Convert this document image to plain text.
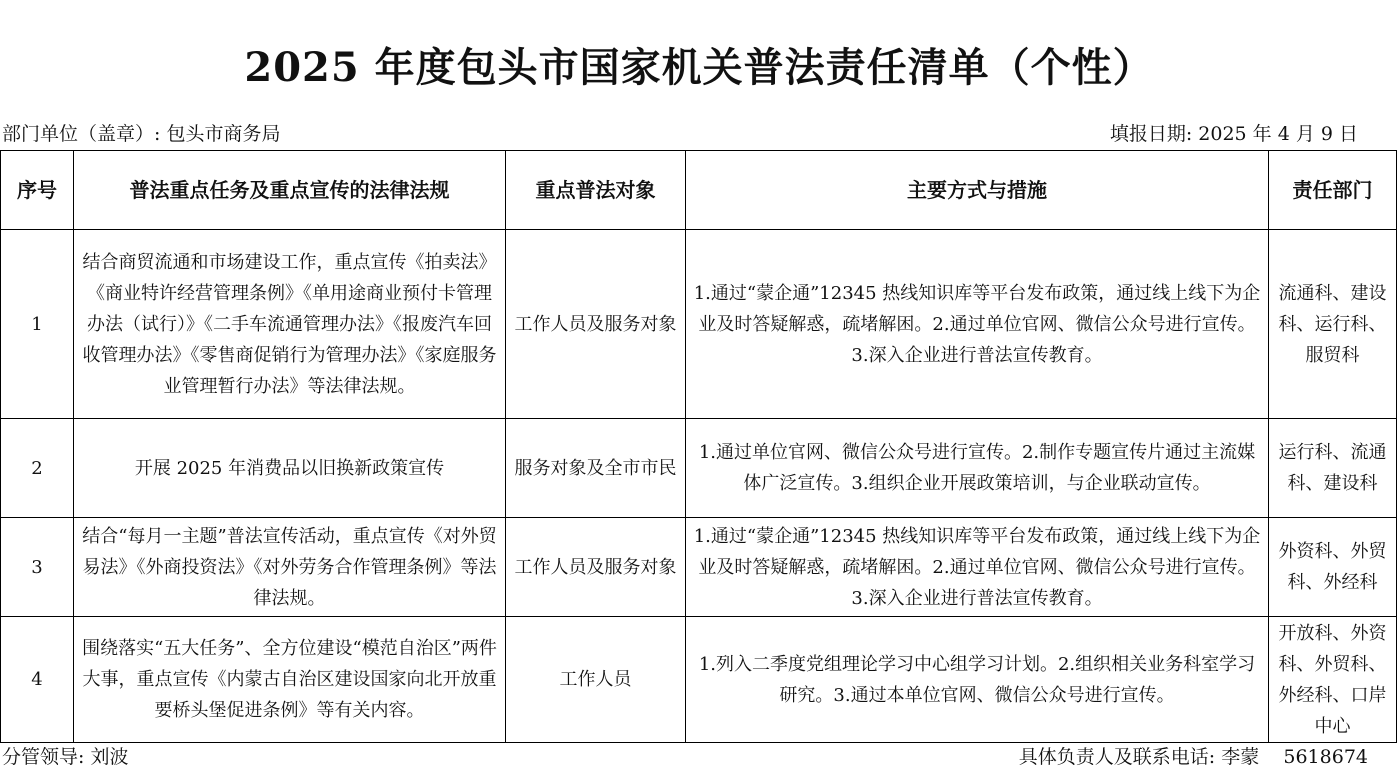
2025 年度包头市国家机关普法责任清单（个性）
部门单位（盖章）: 包头市商务局	填报日期: 2025 年 4 月 9 日
序号	普法重点任务及重点宣传的法律法规	重点普法对象	主要方式与措施	责任部门
1	结合商贸流通和市场建设工作，重点宣传《拍卖法》《商业特许经营管理条例》《单用途商业预付卡管理办法（试行）》《二手车流通管理办法》《报废汽车回收管理办法》《零售商促销行为管理办法》《家庭服务业管理暂行办法》等法律法规。	工作人员及服务对象	1.通过“蒙企通”12345 热线知识库等平台发布政策，通过线上线下为企业及时答疑解惑，疏堵解困。2.通过单位官网、微信公众号进行宣传。3.深入企业进行普法宣传教育。	流通科、建设科、运行科、服贸科
2	开展 2025 年消费品以旧换新政策宣传	服务对象及全市市民	1.通过单位官网、微信公众号进行宣传。2.制作专题宣传片通过主流媒体广泛宣传。3.组织企业开展政策培训，与企业联动宣传。	运行科、流通科、建设科
3	结合“每月一主题”普法宣传活动，重点宣传《对外贸易法》《外商投资法》《对外劳务合作管理条例》等法律法规。	工作人员及服务对象	1.通过“蒙企通”12345 热线知识库等平台发布政策，通过线上线下为企业及时答疑解惑，疏堵解困。2.通过单位官网、微信公众号进行宣传。3.深入企业进行普法宣传教育。	外资科、外贸科、外经科
4	围绕落实“五大任务”、全方位建设“模范自治区”两件大事，重点宣传《内蒙古自治区建设国家向北开放重要桥头堡促进条例》等有关内容。	工作人员	1.列入二季度党组理论学习中心组学习计划。2.组织相关业务科室学习研究。3.通过本单位官网、微信公众号进行宣传。	开放科、外资科、外贸科、外经科、口岸中心
分管领导: 刘波	具体负责人及联系电话: 李蒙    5618674
